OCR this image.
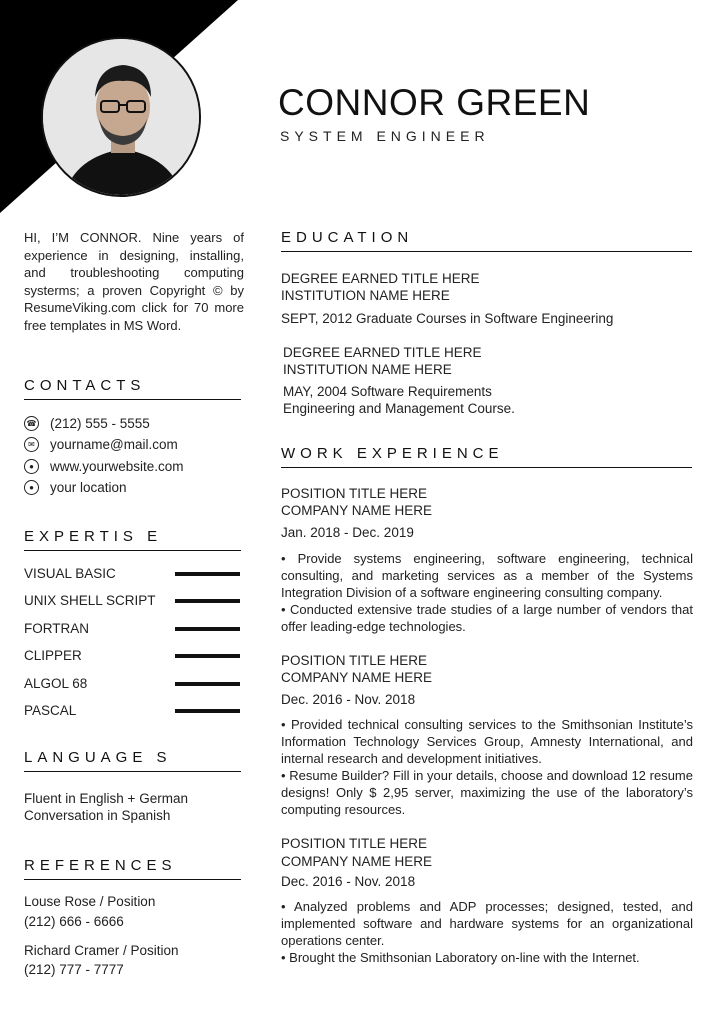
CONNOR GREEN
SYSTEM ENGINEER
HI, I’M CONNOR. Nine years of experience in designing, installing, and troubleshooting computing systerms; a proven Copyright © by ResumeViking.com click for 70 more free templates in MS Word.
CONTACTS
☎ (212) 555 - 5555
✉	yourname@mail.com
●	www.yourwebsite.com
●	your location
EXPERTIS E
VISUAL BASIC
UNIX SHELL SCRIPT
FORTRAN
CLIPPER
ALGOL 68
PASCAL
LANGUAGE S
Fluent in English + German
Conversation in Spanish
REFERENCES
Louse Rose / Position
(212) 666 - 6666
Richard Cramer / Position
(212) 777 - 7777
EDUCATION
DEGREE EARNED TITLE HERE
INSTITUTION NAME HERE
SEPT, 2012 Graduate Courses in Software Engineering
DEGREE EARNED TITLE HERE
INSTITUTION NAME HERE
MAY, 2004 Software Requirements
Engineering and Management Course.
WORK EXPERIENCE
POSITION TITLE HERE
COMPANY NAME HERE
Jan. 2018 - Dec. 2019
• Provide systems engineering, software engineering, technical consulting, and marketing services as a member of the Systems Integration Division of a software engineering consulting company.
• Conducted extensive trade studies of a large number of vendors that offer leading-edge technologies.
POSITION TITLE HERE
COMPANY NAME HERE
Dec. 2016 - Nov. 2018
• Provided technical consulting services to the Smithsonian Institute’s Information Technology Services Group, Amnesty International, and internal research and development initiatives.
• Resume Builder? Fill in your details, choose and download 12 resume designs! Only $ 2,95 server, maximizing the use of the laboratory’s computing resources.
POSITION TITLE HERE
COMPANY NAME HERE
Dec. 2016 - Nov. 2018
• Analyzed problems and ADP processes; designed, tested, and implemented software and hardware systems for an organizational operations center.
• Brought the Smithsonian Laboratory on-line with the Internet.
